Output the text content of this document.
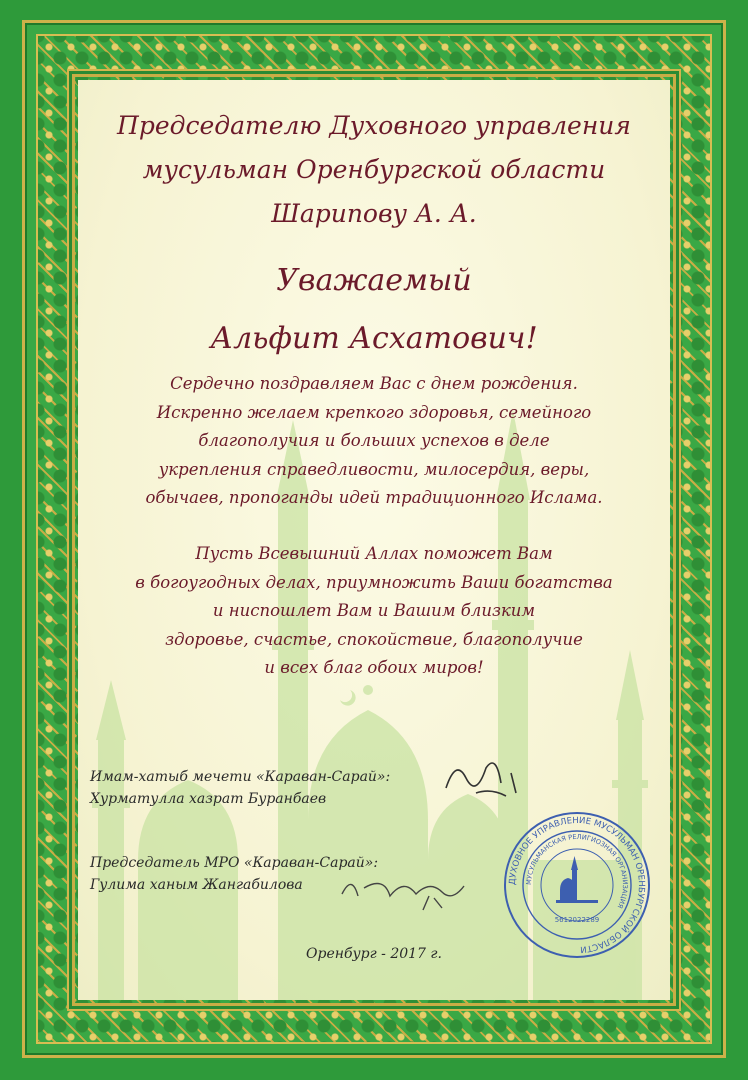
Председателю Духовного управления
мусульман Оренбургской области
Шарипову А. А.
Уважаемый
Альфит Асхатович!
Сердечно поздравляем Вас с днем рождения.
Искренно желаем крепкого здоровья, семейного
благополучия и больших успехов в деле
укрепления справедливости, милосердия, веры,
обычаев, пропоганды идей традиционного Ислама.
Пусть Всевышний Аллах поможет Вам
в богоугодных делах, приумножить Ваши богатства
и ниспошлет Вам и Вашим близким
здоровье, счастье, спокойствие, благополучие
и всех благ обоих миров!
Имам-хатыб мечети «Караван-Сарай»:
Хурматулла хазрат Буранбаев
Председатель МРО «Караван-Сарай»:
Гулима ханым Жангабилова
Оренбург - 2017 г.
ДУХОВНОЕ УПРАВЛЕНИЕ МУСУЛЬМАН ОРЕНБУРГСКОЙ ОБЛАСТИ
МУСУЛЬМАНСКАЯ РЕЛИГИОЗНАЯ ОРГАНИЗАЦИЯ
5612022289
